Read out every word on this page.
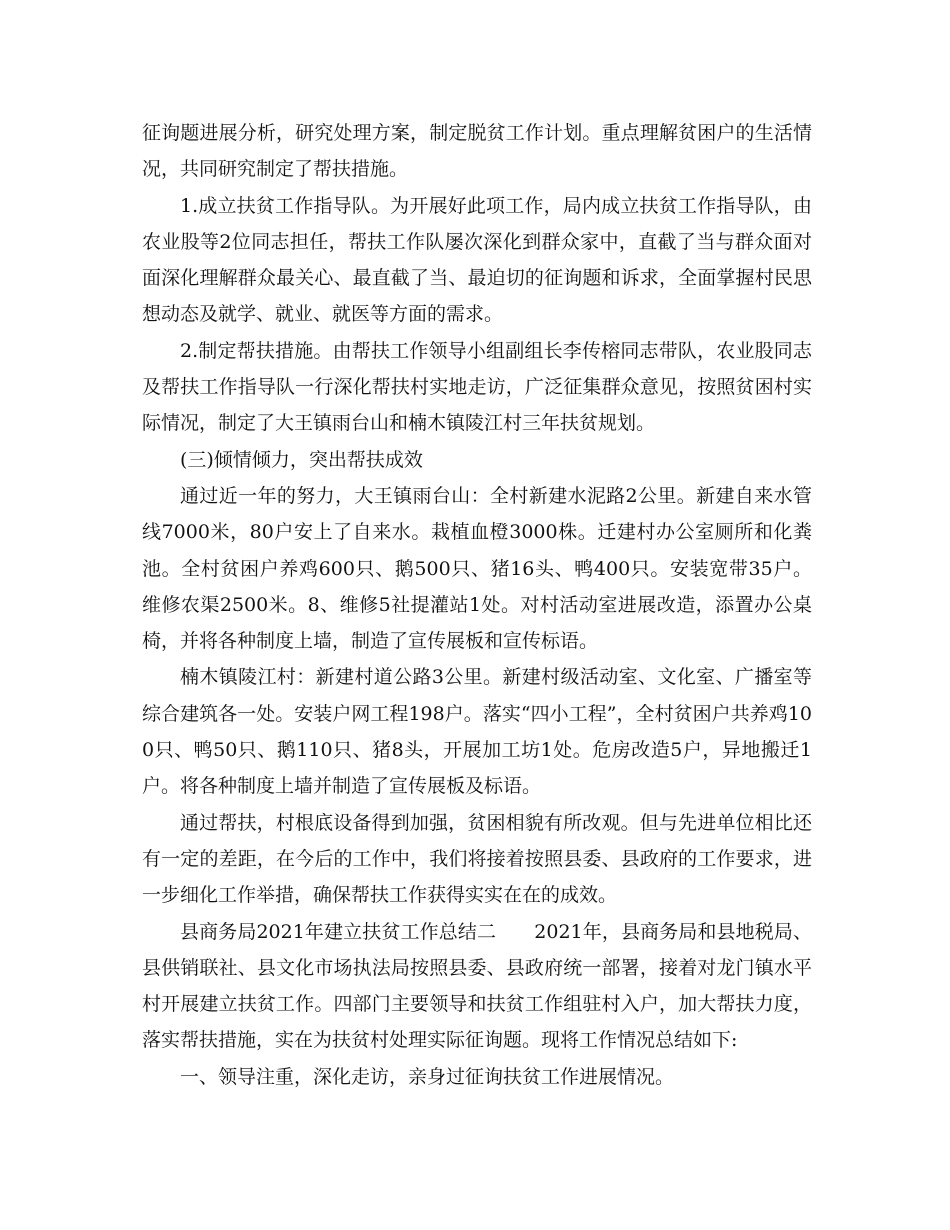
征询题进展分析，研究处理方案，制定脱贫工作计划。重点理解贫困户的生活情况，共同研究制定了帮扶措施。

1.成立扶贫工作指导队。为开展好此项工作，局内成立扶贫工作指导队，由农业股等2位同志担任，帮扶工作队屡次深化到群众家中，直截了当与群众面对面深化理解群众最关心、最直截了当、最迫切的征询题和诉求，全面掌握村民思想动态及就学、就业、就医等方面的需求。

2.制定帮扶措施。由帮扶工作领导小组副组长李传榕同志带队，农业股同志及帮扶工作指导队一行深化帮扶村实地走访，广泛征集群众意见，按照贫困村实际情况，制定了大王镇雨台山和楠木镇陵江村三年扶贫规划。

(三)倾情倾力，突出帮扶成效

通过近一年的努力，大王镇雨台山：全村新建水泥路2公里。新建自来水管线7000米，80户安上了自来水。栽植血橙3000株。迁建村办公室厕所和化粪池。全村贫困户养鸡600只、鹅500只、猪16头、鸭400只。安装宽带35户。维修农渠2500米。8、维修5社提灌站1处。对村活动室进展改造，添置办公桌椅，并将各种制度上墙，制造了宣传展板和宣传标语。

楠木镇陵江村：新建村道公路3公里。新建村级活动室、文化室、广播室等综合建筑各一处。安装户网工程198户。落实“四小工程”，全村贫困户共养鸡100只、鸭50只、鹅110只、猪8头，开展加工坊1处。危房改造5户，异地搬迁1户。将各种制度上墙并制造了宣传展板及标语。

通过帮扶，村根底设备得到加强，贫困相貌有所改观。但与先进单位相比还有一定的差距，在今后的工作中，我们将接着按照县委、县政府的工作要求，进一步细化工作举措，确保帮扶工作获得实实在在的成效。

县商务局2021年建立扶贫工作总结二　　2021年，县商务局和县地税局、县供销联社、县文化市场执法局按照县委、县政府统一部署，接着对龙门镇水平村开展建立扶贫工作。四部门主要领导和扶贫工作组驻村入户，加大帮扶力度，落实帮扶措施，实在为扶贫村处理实际征询题。现将工作情况总结如下:

一、领导注重，深化走访，亲身过征询扶贫工作进展情况。
